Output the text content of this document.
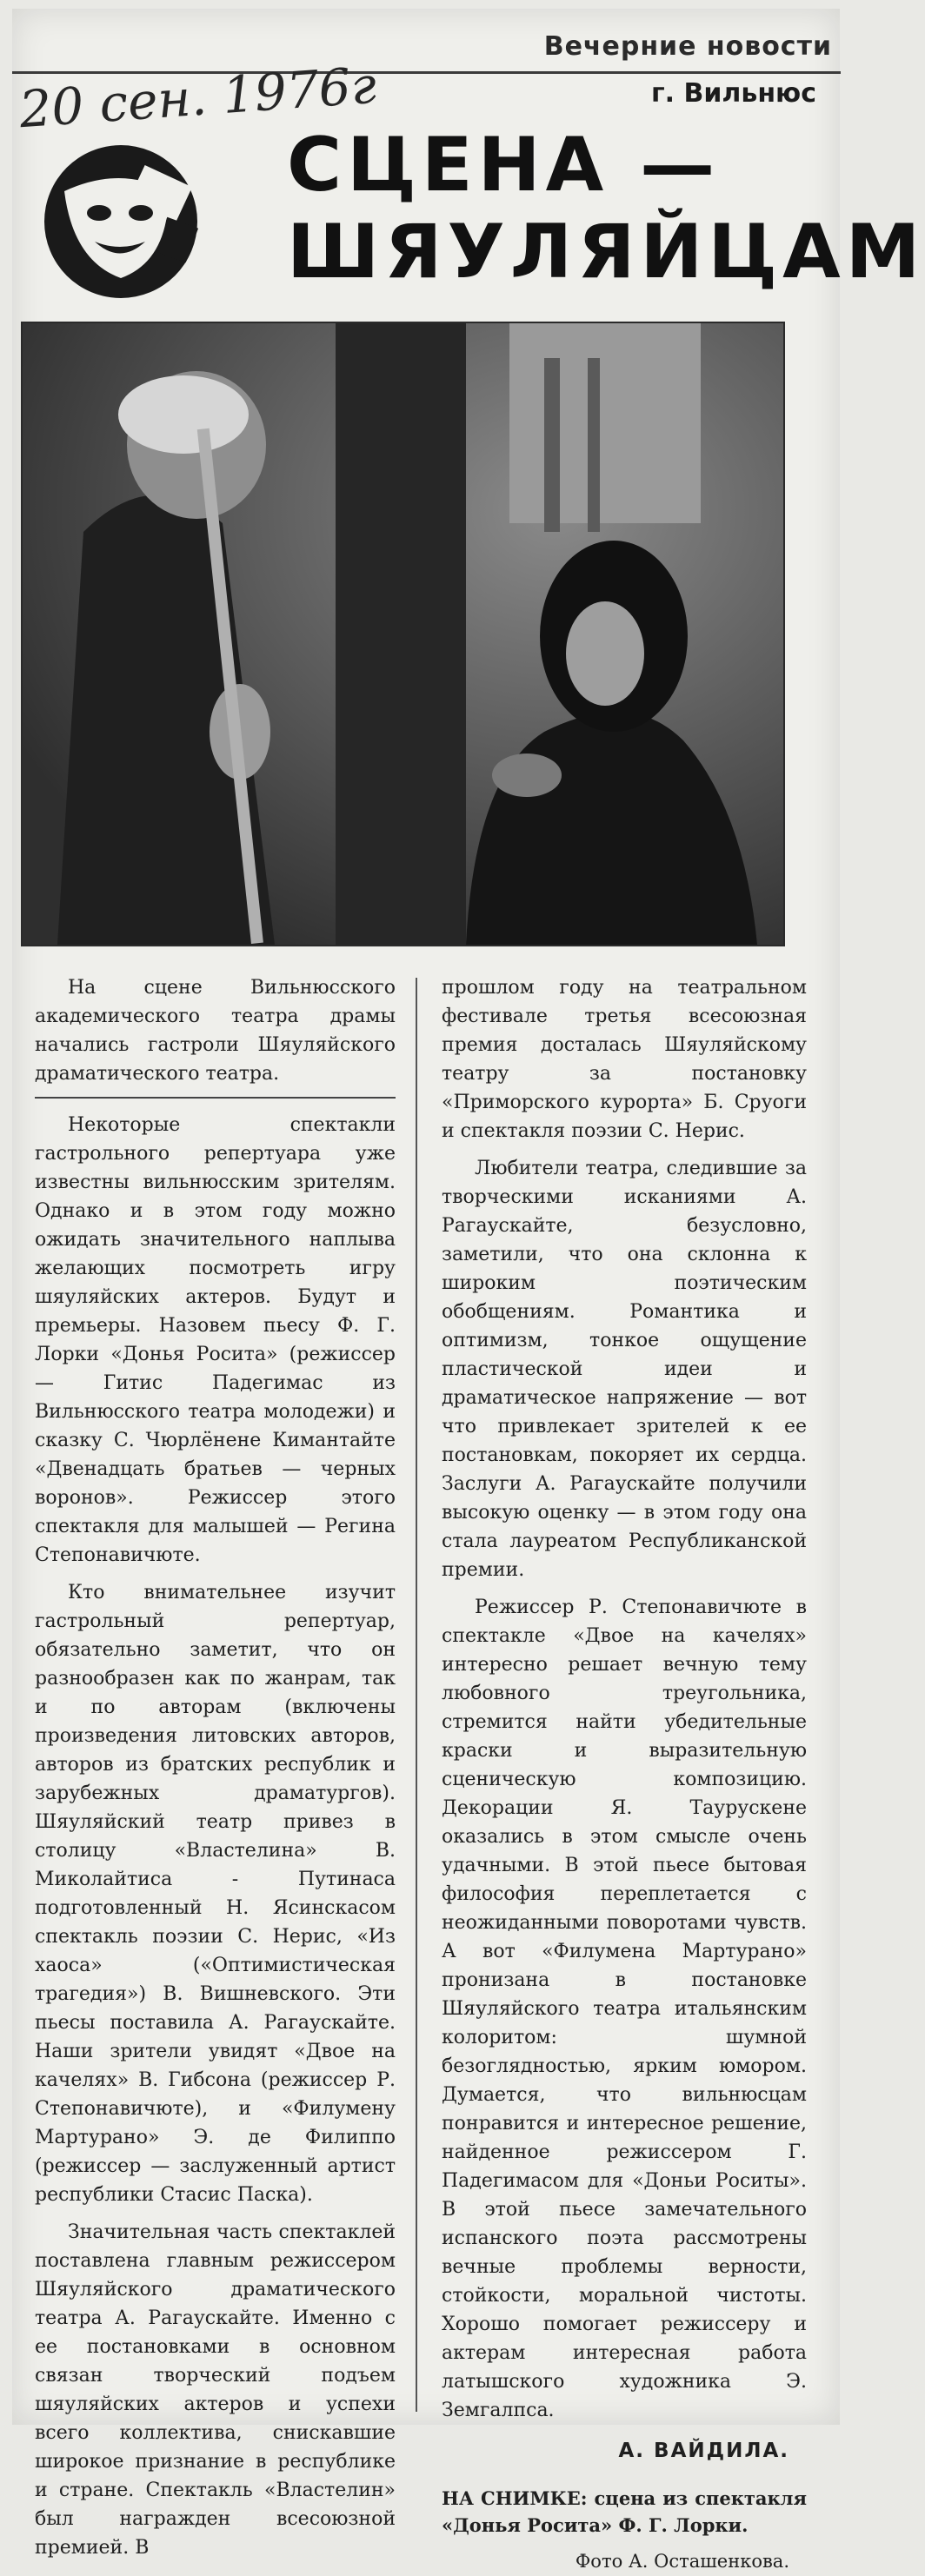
Вечерние новости
20 сен. 1976г	г. Вильнюс
СЦЕНА —
ШЯУЛЯЙЦАМ

На сцене Вильнюсского академического театра драмы начались гастроли Шяуляйского драматического театра.

Некоторые спектакли гастрольного репертуара уже известны вильнюсским зрителям. Однако и в этом году можно ожидать значительного наплыва желающих посмотреть игру шяуляйских актеров. Будут и премьеры. Назовем пьесу Ф. Г. Лорки «Донья Росита» (режиссер — Гитис Падегимас из Вильнюсского театра молодежи) и сказку С. Чюрлёнене Кимантайте «Двенадцать братьев — черных воронов». Режиссер этого спектакля для малышей — Регина Степонавичюте.

Кто внимательнее изучит гастрольный репертуар, обязательно заметит, что он разнообразен как по жанрам, так и по авторам (включены произведения литовских авторов, авторов из братских республик и зарубежных драматургов). Шяуляйский театр привез в столицу «Властелина» В. Миколайтиса - Путинаса подготовленный Н. Ясинскасом спектакль поэзии С. Нерис, «Из хаоса» («Оптимистическая трагедия») В. Вишневского. Эти пьесы поставила А. Рагаускайте. Наши зрители увидят «Двое на качелях» В. Гибсона (режиссер Р. Степонавичюте), и «Филумену Мартурано» Э. де Филиппо (режиссер — заслуженный артист республики Стасис Паска).

Значительная часть спектаклей поставлена главным режиссером Шяуляйского драматического театра А. Рагаускайте. Именно с ее постановками в основном связан творческий подъем шяуляйских актеров и успехи всего коллектива, снискавшие широкое признание в республике и стране. Спектакль «Властелин» был награжден всесоюзной премией. В

прошлом году на театральном фестивале третья всесоюзная премия досталась Шяуляйскому театру за постановку «Приморского курорта» Б. Сруоги и спектакля поэзии С. Нерис.

Любители театра, следившие за творческими исканиями А. Рагаускайте, безусловно, заметили, что она склонна к широким поэтическим обобщениям. Романтика и оптимизм, тонкое ощущение пластической идеи и драматическое напряжение — вот что привлекает зрителей к ее постановкам, покоряет их сердца. Заслуги А. Рагаускайте получили высокую оценку — в этом году она стала лауреатом Республиканской премии.

Режиссер Р. Степонавичюте в спектакле «Двое на качелях» интересно решает вечную тему любовного треугольника, стремится найти убедительные краски и выразительную сценическую композицию. Декорации Я. Таурускене оказались в этом смысле очень удачными. В этой пьесе бытовая философия переплетается с неожиданными поворотами чувств. А вот «Филумена Мартурано» пронизана в постановке Шяуляйского театра итальянским колоритом: шумной безоглядностью, ярким юмором. Думается, что вильнюсцам понравится и интересное решение, найденное режиссером Г. Падегимасом для «Доньи Роситы». В этой пьесе замечательного испанского поэта рассмотрены вечные проблемы верности, стойкости, моральной чистоты. Хорошо помогает режиссеру и актерам интересная работа латышского художника Э. Земгалпса.

А. ВАЙДИЛА.

НА СНИМКЕ: сцена из спектакля «Донья Росита» Ф. Г. Лорки.

Фото А. Осташенкова.
